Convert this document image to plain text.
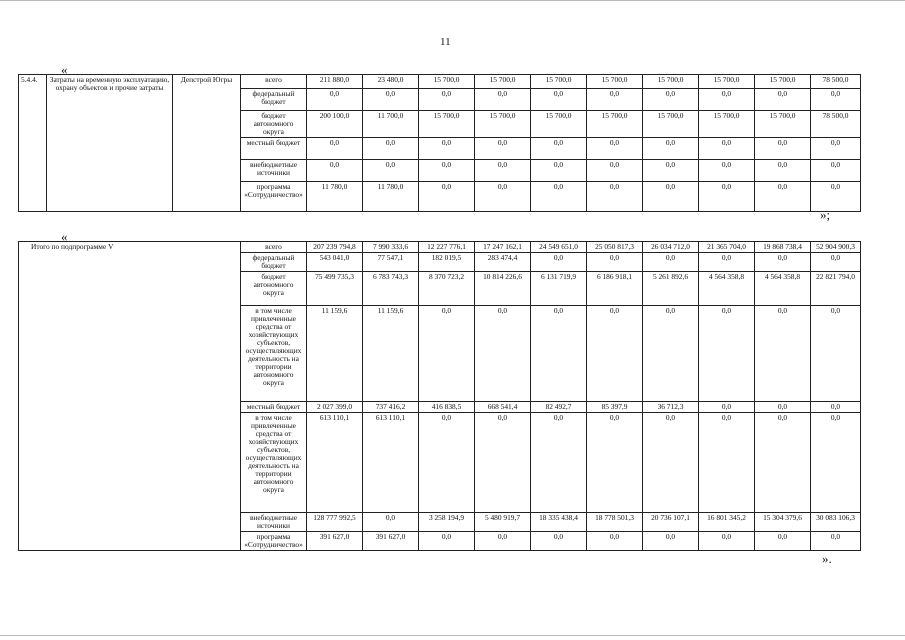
11
«
5.4.4.	Затраты на временную эксплуатацию, охрану объектов и прочие затраты	Депстрой Югры	всего	211 880,0	23 480,0	15 700,0	15 700,0	15 700,0	15 700,0	15 700,0	15 700,0	15 700,0	78 500,0
			федеральный бюджет	0,0	0,0	0,0	0,0	0,0	0,0	0,0	0,0	0,0	0,0
			бюджет автономного округа	200 100,0	11 700,0	15 700,0	15 700,0	15 700,0	15 700,0	15 700,0	15 700,0	15 700,0	78 500,0
			местный бюджет	0,0	0,0	0,0	0,0	0,0	0,0	0,0	0,0	0,0	0,0
			внебюджетные источники	0,0	0,0	0,0	0,0	0,0	0,0	0,0	0,0	0,0	0,0
			программа «Сотрудничество»	11 780,0	11 780,0	0,0	0,0	0,0	0,0	0,0	0,0	0,0	0,0
»;
«
Итого по подпрограмме V	всего	207 239 794,8	7 990 333,6	12 227 776,1	17 247 162,1	24 549 651,0	25 050 817,3	26 034 712,0	21 365 704,0	19 868 738,4	52 904 900,3
	федеральный бюджет	543 041,0	77 547,1	182 019,5	283 474,4	0,0	0,0	0,0	0,0	0,0	0,0
	бюджет автономного округа	75 499 735,3	6 783 743,3	8 370 723,2	10 814 226,6	6 131 719,9	6 186 918,1	5 261 892,6	4 564 358,8	4 564 358,8	22 821 794,0
	в том числе привлеченные средства от хозяйствующих субъектов, осуществляющих деятельность на территории автономного округа	11 159,6	11 159,6	0,0	0,0	0,0	0,0	0,0	0,0	0,0	0,0
	местный бюджет	2 027 399,0	737 416,2	416 838,5	668 541,4	82 492,7	85 397,9	36 712,3	0,0	0,0	0,0
	в том числе привлеченные средства от хозяйствующих субъектов, осуществляющих деятельность на территории автономного округа	613 110,1	613 110,1	0,0	0,0	0,0	0,0	0,0	0,0	0,0	0,0
	внебюджетные источники	128 777 992,5	0,0	3 258 194,9	5 480 919,7	18 335 438,4	18 778 501,3	20 736 107,1	16 801 345,2	15 304 379,6	30 083 106,3
	программа «Сотрудничество»	391 627,0	391 627,0	0,0	0,0	0,0	0,0	0,0	0,0	0,0	0,0
».
